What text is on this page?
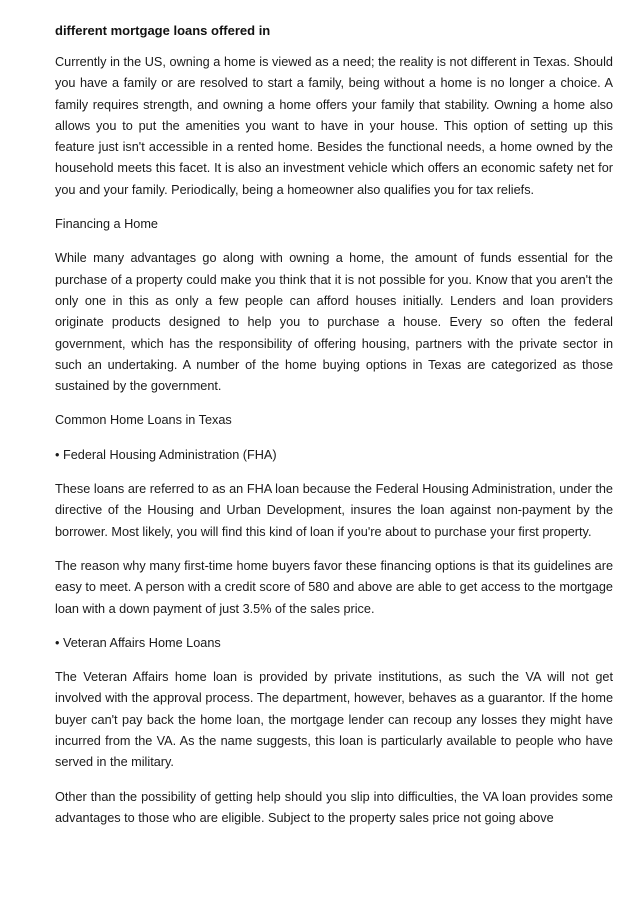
different mortgage loans offered in

Currently in the US, owning a home is viewed as a need; the reality is not different in Texas. Should you have a family or are resolved to start a family, being without a home is no longer a choice. A family requires strength, and owning a home offers your family that stability. Owning a home also allows you to put the amenities you want to have in your house. This option of setting up this feature just isn't accessible in a rented home. Besides the functional needs, a home owned by the household meets this facet. It is also an investment vehicle which offers an economic safety net for you and your family. Periodically, being a homeowner also qualifies you for tax reliefs.

Financing a Home

While many advantages go along with owning a home, the amount of funds essential for the purchase of a property could make you think that it is not possible for you. Know that you aren't the only one in this as only a few people can afford houses initially. Lenders and loan providers originate products designed to help you to purchase a house. Every so often the federal government, which has the responsibility of offering housing, partners with the private sector in such an undertaking. A number of the home buying options in Texas are categorized as those sustained by the government.

Common Home Loans in Texas

• Federal Housing Administration (FHA)

These loans are referred to as an FHA loan because the Federal Housing Administration, under the directive of the Housing and Urban Development, insures the loan against non-payment by the borrower. Most likely, you will find this kind of loan if you're about to purchase your first property.

The reason why many first-time home buyers favor these financing options is that its guidelines are easy to meet. A person with a credit score of 580 and above are able to get access to the mortgage loan with a down payment of just 3.5% of the sales price.

• Veteran Affairs Home Loans

The Veteran Affairs home loan is provided by private institutions, as such the VA will not get involved with the approval process. The department, however, behaves as a guarantor. If the home buyer can't pay back the home loan, the mortgage lender can recoup any losses they might have incurred from the VA. As the name suggests, this loan is particularly available to people who have served in the military.

Other than the possibility of getting help should you slip into difficulties, the VA loan provides some advantages to those who are eligible. Subject to the property sales price not going above
